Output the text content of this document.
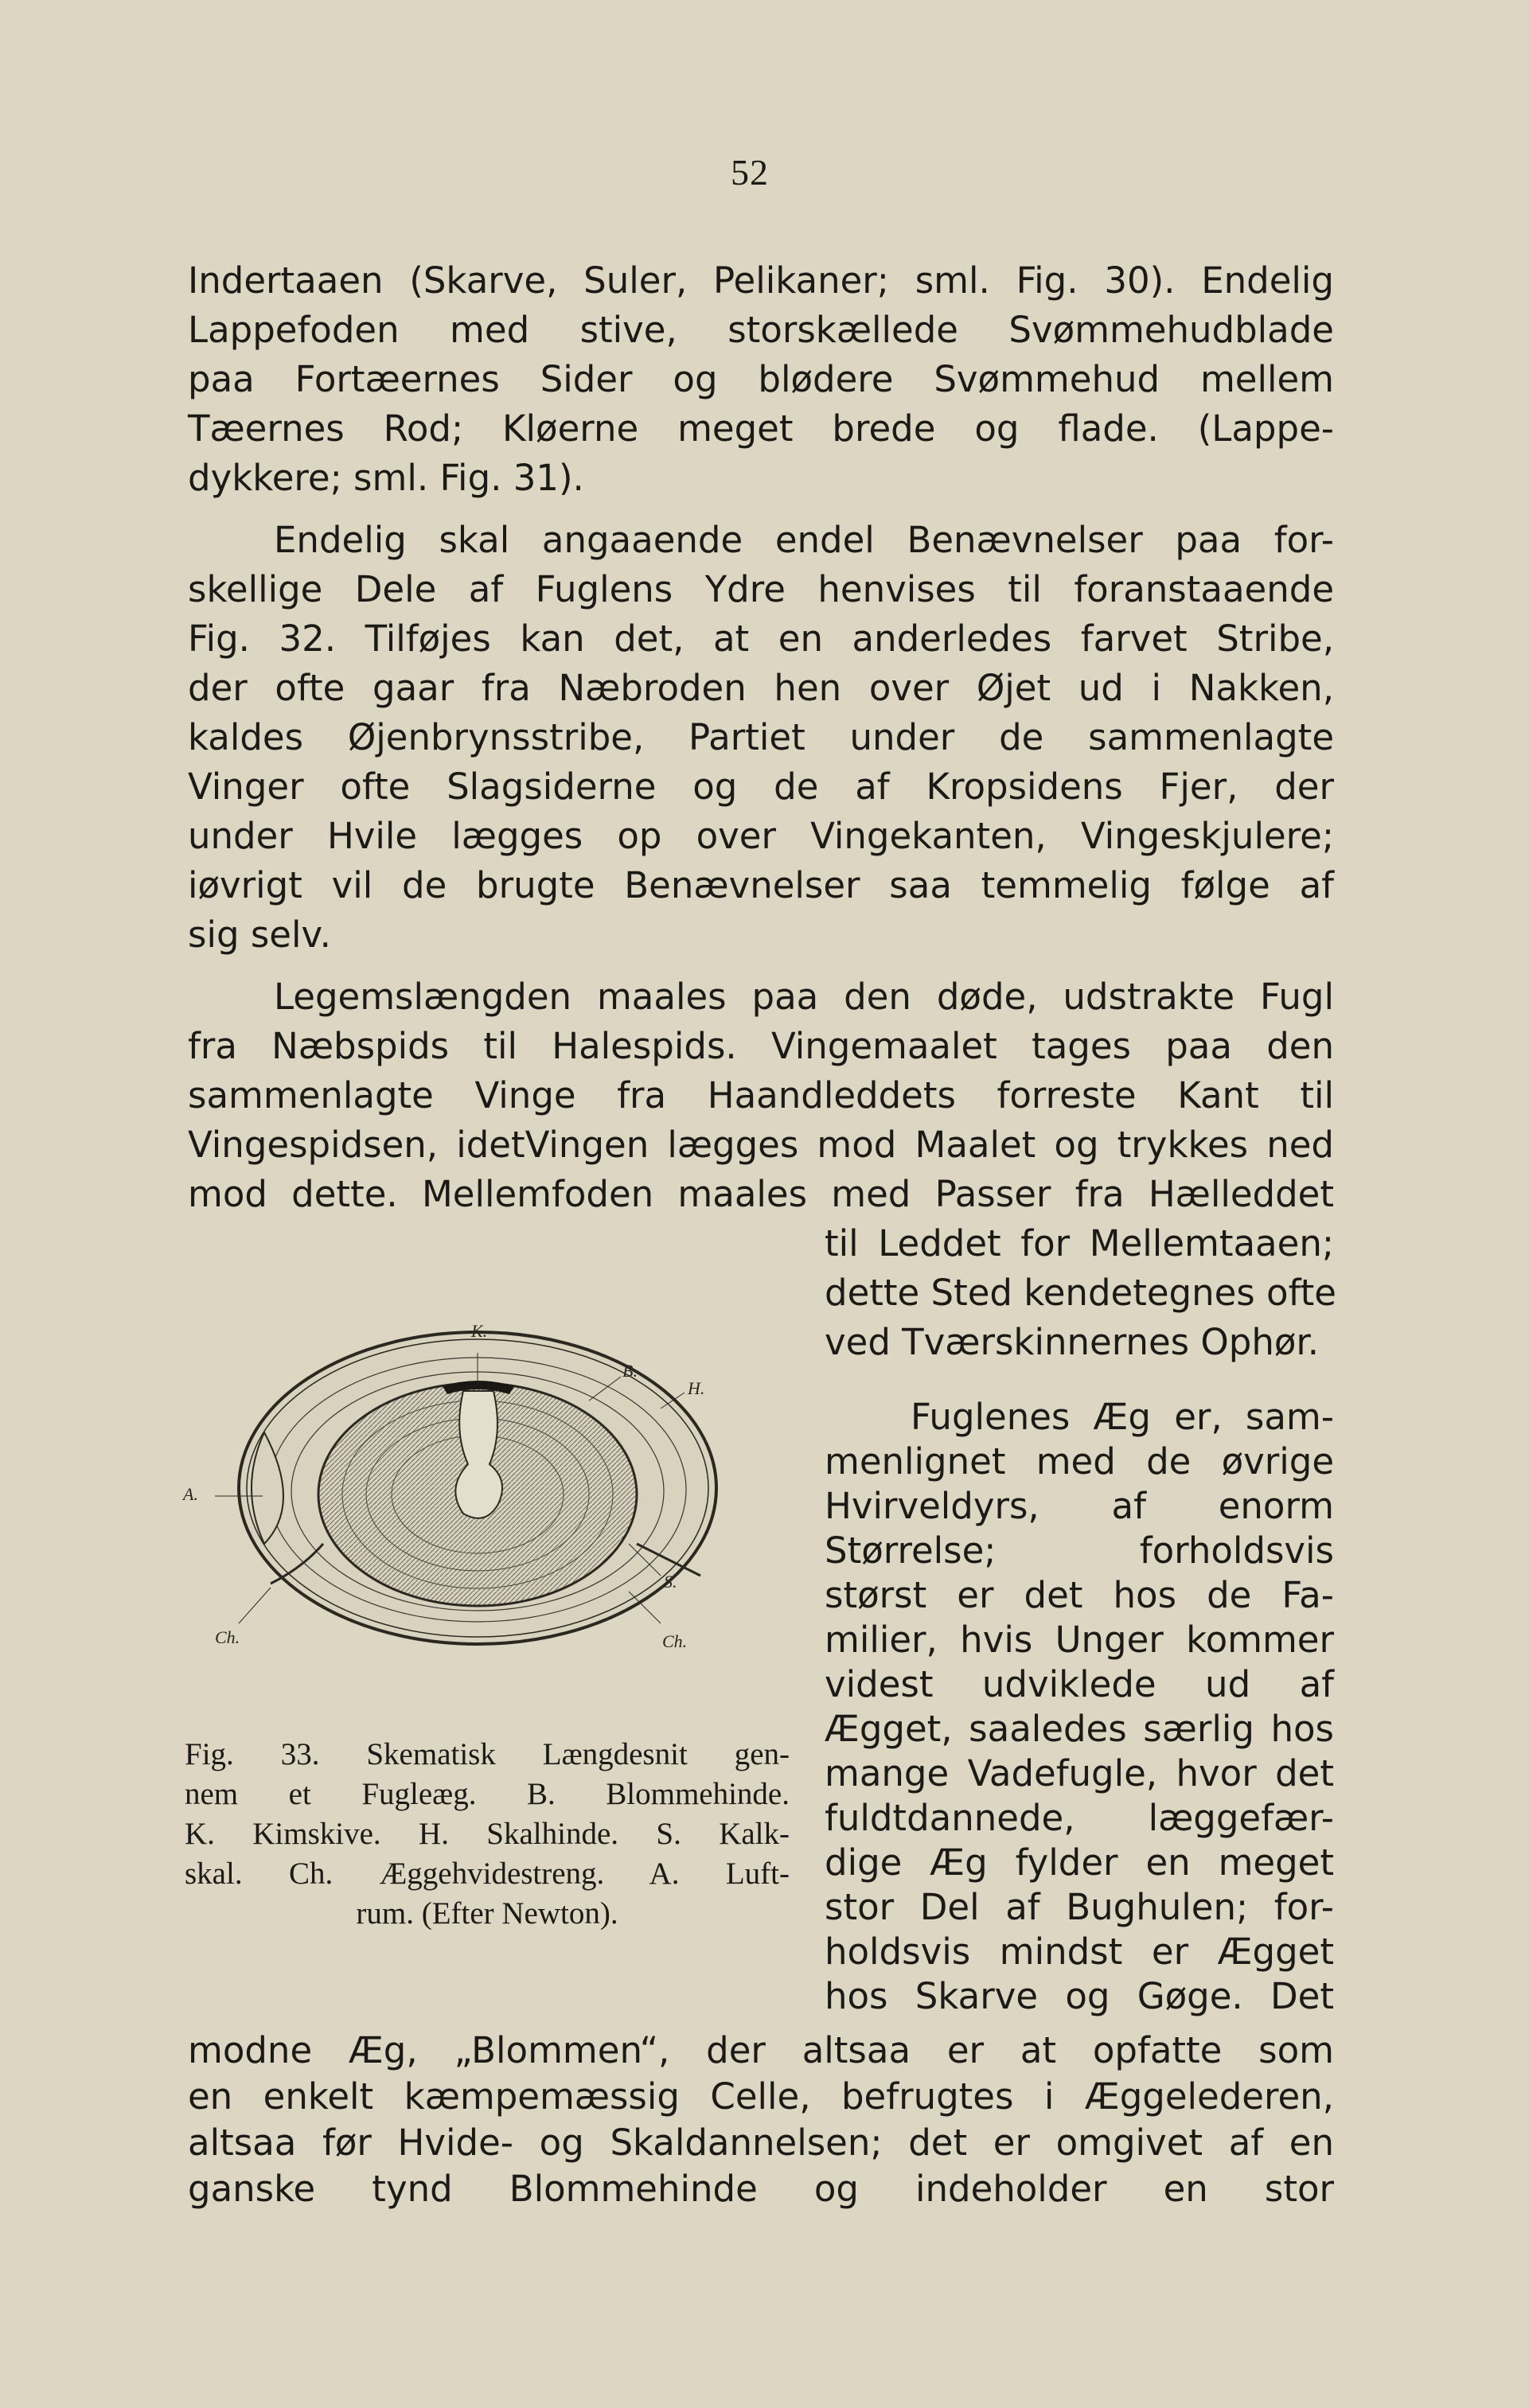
52
Indertaaen (Skarve, Suler, Pelikaner; sml. Fig. 30). Endelig
Lappefoden med stive, storskællede Svømmehudblade
paa Fortæernes Sider og blødere Svømmehud mellem
Tæernes Rod; Kløerne meget brede og flade. (Lappe-
dykkere; sml. Fig. 31).
Endelig skal angaaende endel Benævnelser paa for-
skellige Dele af Fuglens Ydre henvises til foranstaaende
Fig. 32. Tilføjes kan det, at en anderledes farvet Stribe,
der ofte gaar fra Næbroden hen over Øjet ud i Nakken,
kaldes Øjenbrynsstribe, Partiet under de sammenlagte
Vinger ofte Slagsiderne og de af Kropsidens Fjer, der
under Hvile lægges op over Vingekanten, Vingeskjulere;
iøvrigt vil de brugte Benævnelser saa temmelig følge af
sig selv.
Legemslængden maales paa den døde, udstrakte Fugl
fra Næbspids til Halespids. Vingemaalet tages paa den
sammenlagte Vinge fra Haandleddets forreste Kant til
Vingespidsen, idetVingen lægges mod Maalet og trykkes ned
mod dette. Mellemfoden maales med Passer fra Hælleddet
til Leddet for Mellemtaaen;
dette Sted kendetegnes ofte
ved Tværskinnernes Ophør.
Fuglenes Æg er, sam-
menlignet med de øvrige
Hvirveldyrs, af enorm
Størrelse; forholdsvis
størst er det hos de Fa-
milier, hvis Unger kommer
videst udviklede ud af
Ægget, saaledes særlig hos
mange Vadefugle, hvor det
fuldtdannede, læggefær-
dige Æg fylder en meget
stor Del af Bughulen; for-
holdsvis mindst er Ægget
hos Skarve og Gøge. Det
modne Æg, „Blommen“, der altsaa er at opfatte som
en enkelt kæmpemæssig Celle, befrugtes i Æggelederen,
altsaa før Hvide- og Skaldannelsen; det er omgivet af en
ganske tynd Blommehinde og indeholder en stor
K.
B.
H.
A.
S.
Ch.	Ch.
Fig. 33. Skematisk Længdesnit gen-
nem et Fugleæg. B. Blommehinde.
K. Kimskive. H. Skalhinde. S. Kalk-
skal. Ch. Æggehvidestreng. A. Luft-
rum. (Efter Newton).
